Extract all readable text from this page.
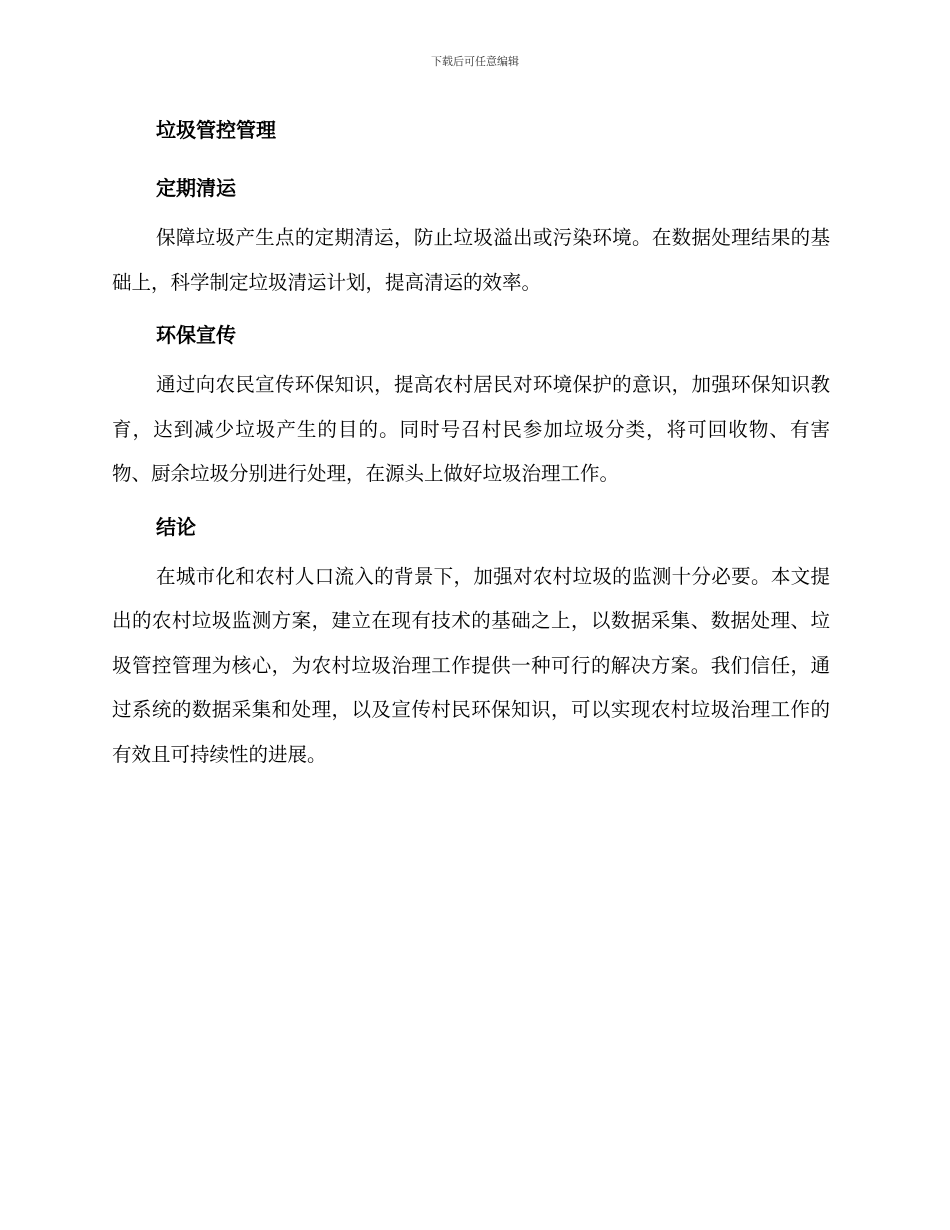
下载后可任意编辑
垃圾管控管理
定期清运

保障垃圾产生点的定期清运，防止垃圾溢出或污染环境。在数据处理结果的基础上，科学制定垃圾清运计划，提高清运的效率。

环保宣传

通过向农民宣传环保知识，提高农村居民对环境保护的意识，加强环保知识教育，达到减少垃圾产生的目的。同时号召村民参加垃圾分类，将可回收物、有害物、厨余垃圾分别进行处理，在源头上做好垃圾治理工作。

结论

在城市化和农村人口流入的背景下，加强对农村垃圾的监测十分必要。本文提出的农村垃圾监测方案，建立在现有技术的基础之上，以数据采集、数据处理、垃圾管控管理为核心，为农村垃圾治理工作提供一种可行的解决方案。我们信任，通过系统的数据采集和处理，以及宣传村民环保知识，可以实现农村垃圾治理工作的有效且可持续性的进展。
